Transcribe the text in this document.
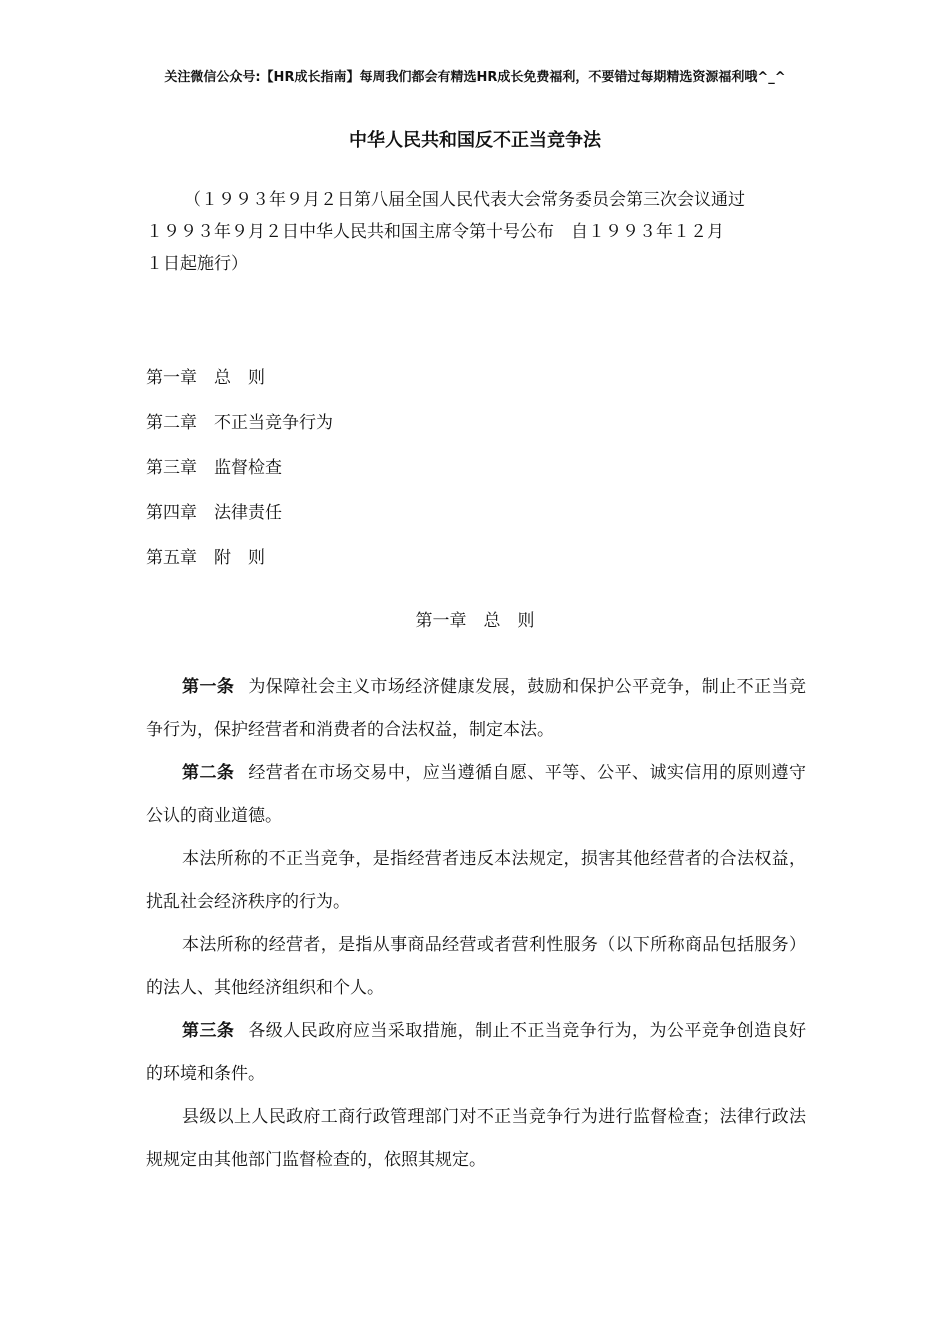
关注微信公众号:【HR成长指南】每周我们都会有精选HR成长免费福利，不要错过每期精选资源福利哦^_^
中华人民共和国反不正当竞争法
（１９９３年９月２日第八届全国人民代表大会常务委员会第三次会议通过
１９９３年９月２日中华人民共和国主席令第十号公布　自１９９３年１２月
１日起施行）
第一章　总　则
第二章　不正当竞争行为
第三章　监督检查
第四章　法律责任
第五章　附　则
第一章　总　则

第一条 为保障社会主义市场经济健康发展，鼓励和保护公平竞争，制止不正当竞争行为，保护经营者和消费者的合法权益，制定本法。

第二条 经营者在市场交易中，应当遵循自愿、平等、公平、诚实信用的原则遵守公认的商业道德。

本法所称的不正当竞争，是指经营者违反本法规定，损害其他经营者的合法权益，扰乱社会经济秩序的行为。

本法所称的经营者，是指从事商品经营或者营利性服务（以下所称商品包括服务）的法人、其他经济组织和个人。

第三条 各级人民政府应当采取措施，制止不正当竞争行为，为公平竞争创造良好的环境和条件。

县级以上人民政府工商行政管理部门对不正当竞争行为进行监督检查；法律行政法规规定由其他部门监督检查的，依照其规定。
